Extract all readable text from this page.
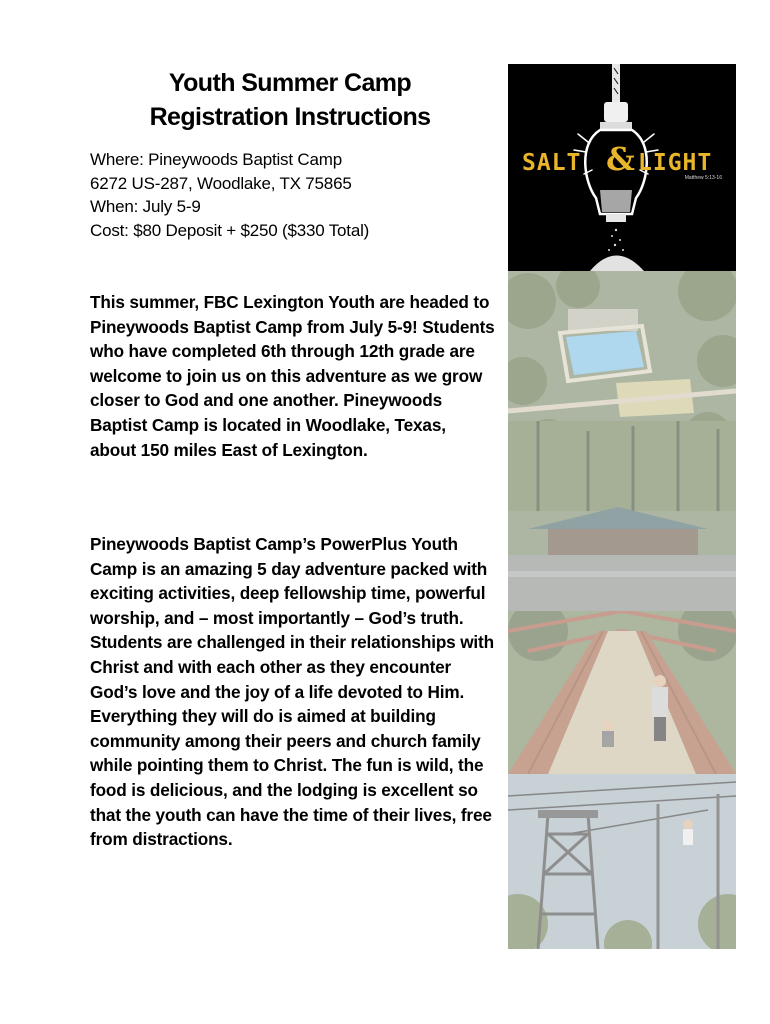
Youth Summer Camp
Registration Instructions
Where: Pineywoods Baptist Camp
6272 US-287, Woodlake, TX 75865
When: July 5-9
Cost: $80 Deposit + $250 ($330 Total)

This summer, FBC Lexington Youth are headed to Pineywoods Baptist Camp from July 5-9! Students who have completed 6th through 12th grade are welcome to join us on this adventure as we grow closer to God and one another. Pineywoods Baptist Camp is located in Woodlake, Texas, about 150 miles East of Lexington.

Pineywoods Baptist Camp’s PowerPlus Youth Camp is an amazing 5 day adventure packed with exciting activities, deep fellowship time, powerful worship, and – most importantly – God’s truth. Students are challenged in their relationships with Christ and with each other as they encounter God’s love and the joy of a life devoted to Him. Everything they will do is aimed at building community among their peers and church family while pointing them to Christ. The fun is wild, the food is delicious, and the lodging is excellent so that the youth can have the time of their lives, free from distractions.

SALT & LIGHT
Matthew 5:13-16
